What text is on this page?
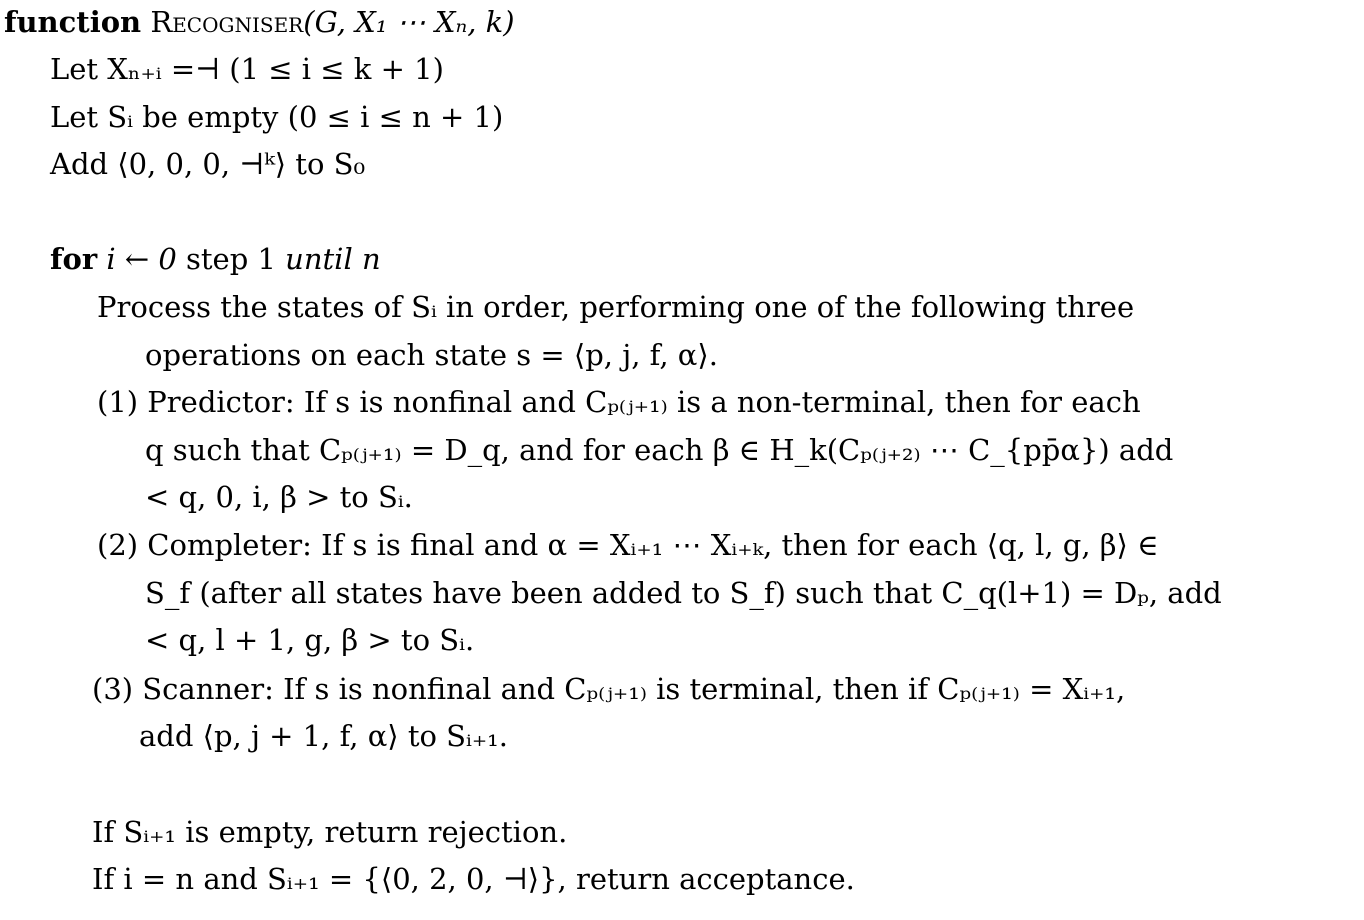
function Recogniser(G, X₁ ⋯ Xₙ, k)
Let Xₙ₊ᵢ =⊣ (1 ≤ i ≤ k + 1)
Let Sᵢ be empty (0 ≤ i ≤ n + 1)
Add ⟨0, 0, 0, ⊣ᵏ⟩ to S₀
for i ← 0 step 1 until n
Process the states of Sᵢ in order, performing one of the following three
operations on each state s = ⟨p, j, f, α⟩.
(1) Predictor: If s is nonfinal and Cₚ₍ⱼ₊₁₎ is a non-terminal, then for each
q such that Cₚ₍ⱼ₊₁₎ = D_q, and for each β ∈ H_k(Cₚ₍ⱼ₊₂₎ ⋯ C_{pp̄α}) add
< q, 0, i, β > to Sᵢ.
(2) Completer: If s is final and α = Xᵢ₊₁ ⋯ Xᵢ₊ₖ, then for each ⟨q, l, g, β⟩ ∈
S_f (after all states have been added to S_f) such that C_q(l+1) = Dₚ, add
< q, l + 1, g, β > to Sᵢ.
(3) Scanner: If s is nonfinal and Cₚ₍ⱼ₊₁₎ is terminal, then if Cₚ₍ⱼ₊₁₎ = Xᵢ₊₁,
add ⟨p, j + 1, f, α⟩ to Sᵢ₊₁.
If Sᵢ₊₁ is empty, return rejection.
If i = n and Sᵢ₊₁ = {⟨0, 2, 0, ⊣⟩}, return acceptance.
